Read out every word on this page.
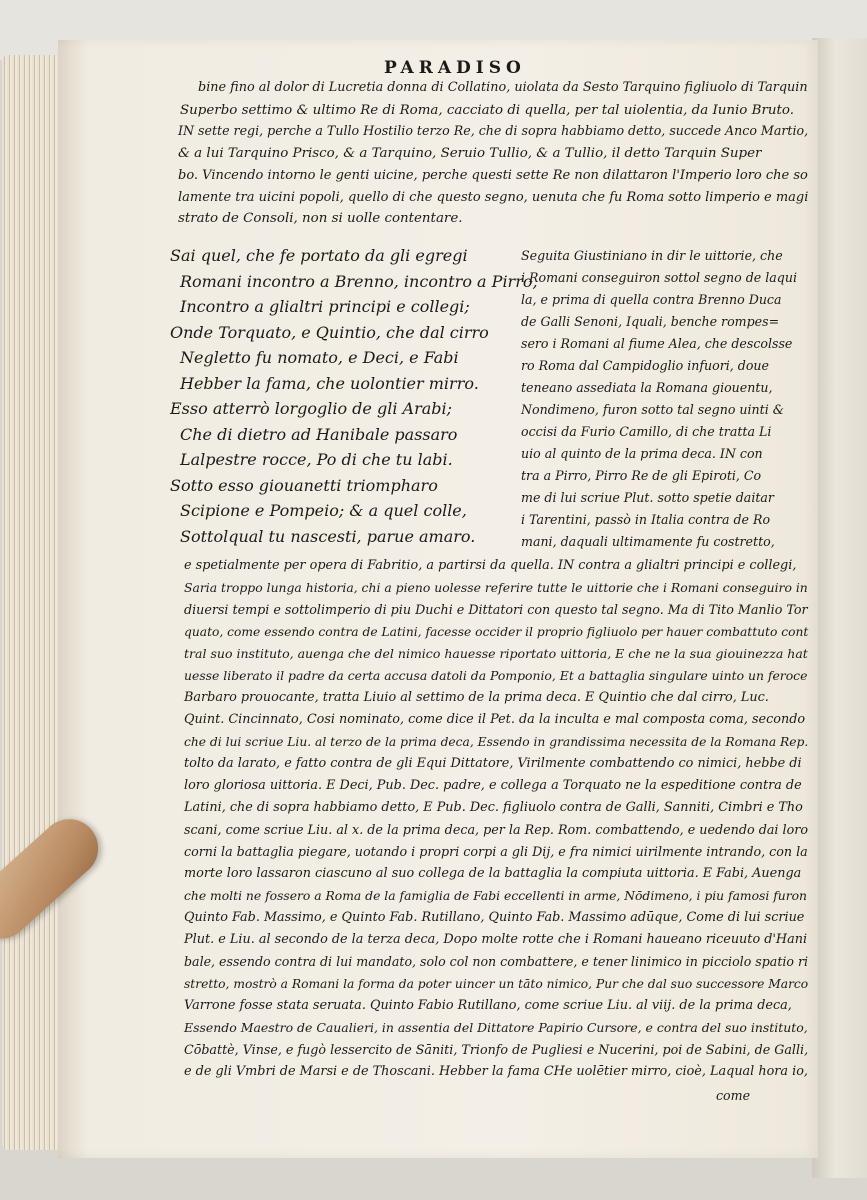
PARADISO
bine fino al dolor di Lucretia donna di Collatino, uiolata da Sesto Tarquino figliuolo di Tarquin
Superbo settimo & ultimo Re di Roma, cacciato di quella, per tal uiolentia, da Iunio Bruto.
IN sette regi, perche a Tullo Hostilio terzo Re, che di sopra habbiamo detto, succede Anco Martio,
& a lui Tarquino Prisco, & a Tarquino, Seruio Tullio, & a Tullio, il detto Tarquin Super
bo. Vincendo intorno le genti uicine, perche questi sette Re non dilattaron l'Imperio loro che so
lamente tra uicini popoli, quello di che questo segno, uenuta che fu Roma sotto limperio e magi
strato de Consoli, non si uolle contentare.
Sai quel, che fe portato da gli egregi
Romani incontro a Brenno, incontro a Pirro,
Incontro a glialtri principi e collegi;
Onde Torquato, e Quintio, che dal cirro
Negletto fu nomato, e Deci, e Fabi
Hebber la fama, che uolontier mirro.
Esso atterrò lorgoglio de gli Arabi;
Che di dietro ad Hanibale passaro
Lalpestre rocce, Po di che tu labi.
Sotto esso giouanetti triompharo
Scipione e Pompeio; & a quel colle,
Sottolqual tu nascesti, parue amaro.
Seguita Giustiniano in dir le uittorie, che
i Romani conseguiron sottol segno de laqui
la, e prima di quella contra Brenno Duca
de Galli Senoni, Iquali, benche rompes=
sero i Romani al fiume Alea, che descolsse
ro Roma dal Campidoglio infuori, doue
teneano assediata la Romana giouentu,
Nondimeno, furon sotto tal segno uinti &
occisi da Furio Camillo, di che tratta Li
uio al quinto de la prima deca. IN con
tra a Pirro, Pirro Re de gli Epiroti, Co
me di lui scriue Plut. sotto spetie daitar
i Tarentini, passò in Italia contra de Ro
mani, daquali ultimamente fu costretto,
e spetialmente per opera di Fabritio, a partirsi da quella. IN contra a glialtri principi e collegi,
Saria troppo lunga historia, chi a pieno uolesse referire tutte le uittorie che i Romani conseguiro in
diuersi tempi e sottolimperio di piu Duchi e Dittatori con questo tal segno. Ma di Tito Manlio Tor
quato, come essendo contra de Latini, facesse occider il proprio figliuolo per hauer combattuto cont
tral suo instituto, auenga che del nimico hauesse riportato uittoria, E che ne la sua giouinezza hat
uesse liberato il padre da certa accusa datoli da Pomponio, Et a battaglia singulare uinto un feroce
Barbaro prouocante, tratta Liuio al settimo de la prima deca. E Quintio che dal cirro, Luc.
Quint. Cincinnato, Cosi nominato, come dice il Pet. da la inculta e mal composta coma, secondo
che di lui scriue Liu. al terzo de la prima deca, Essendo in grandissima necessita de la Romana Rep.
tolto da larato, e fatto contra de gli Equi Dittatore, Virilmente combattendo co nimici, hebbe di
loro gloriosa uittoria. E Deci, Pub. Dec. padre, e collega a Torquato ne la espeditione contra de
Latini, che di sopra habbiamo detto, E Pub. Dec. figliuolo contra de Galli, Sanniti, Cimbri e Tho
scani, come scriue Liu. al x. de la prima deca, per la Rep. Rom. combattendo, e uedendo dai loro
corni la battaglia piegare, uotando i propri corpi a gli Dij, e fra nimici uirilmente intrando, con la
morte loro lassaron ciascuno al suo collega de la battaglia la compiuta uittoria. E Fabi, Auenga
che molti ne fossero a Roma de la famiglia de Fabi eccellenti in arme, Nōdimeno, i piu famosi furon
Quinto Fab. Massimo, e Quinto Fab. Rutillano, Quinto Fab. Massimo adūque, Come di lui scriue
Plut. e Liu. al secondo de la terza deca, Dopo molte rotte che i Romani haueano riceuuto d'Hani
bale, essendo contra di lui mandato, solo col non combattere, e tener linimico in picciolo spatio ri
stretto, mostrò a Romani la forma da poter uincer un tāto nimico, Pur che dal suo successore Marco
Varrone fosse stata seruata. Quinto Fabio Rutillano, come scriue Liu. al viij. de la prima deca,
Essendo Maestro de Caualieri, in assentia del Dittatore Papirio Cursore, e contra del suo instituto,
Cōbattè, Vinse, e fugò lessercito de Sāniti, Trionfo de Pugliesi e Nucerini, poi de Sabini, de Galli,
e de gli Vmbri de Marsi e de Thoscani. Hebber la fama CHe uolētier mirro, cioè, Laqual hora io,
come
